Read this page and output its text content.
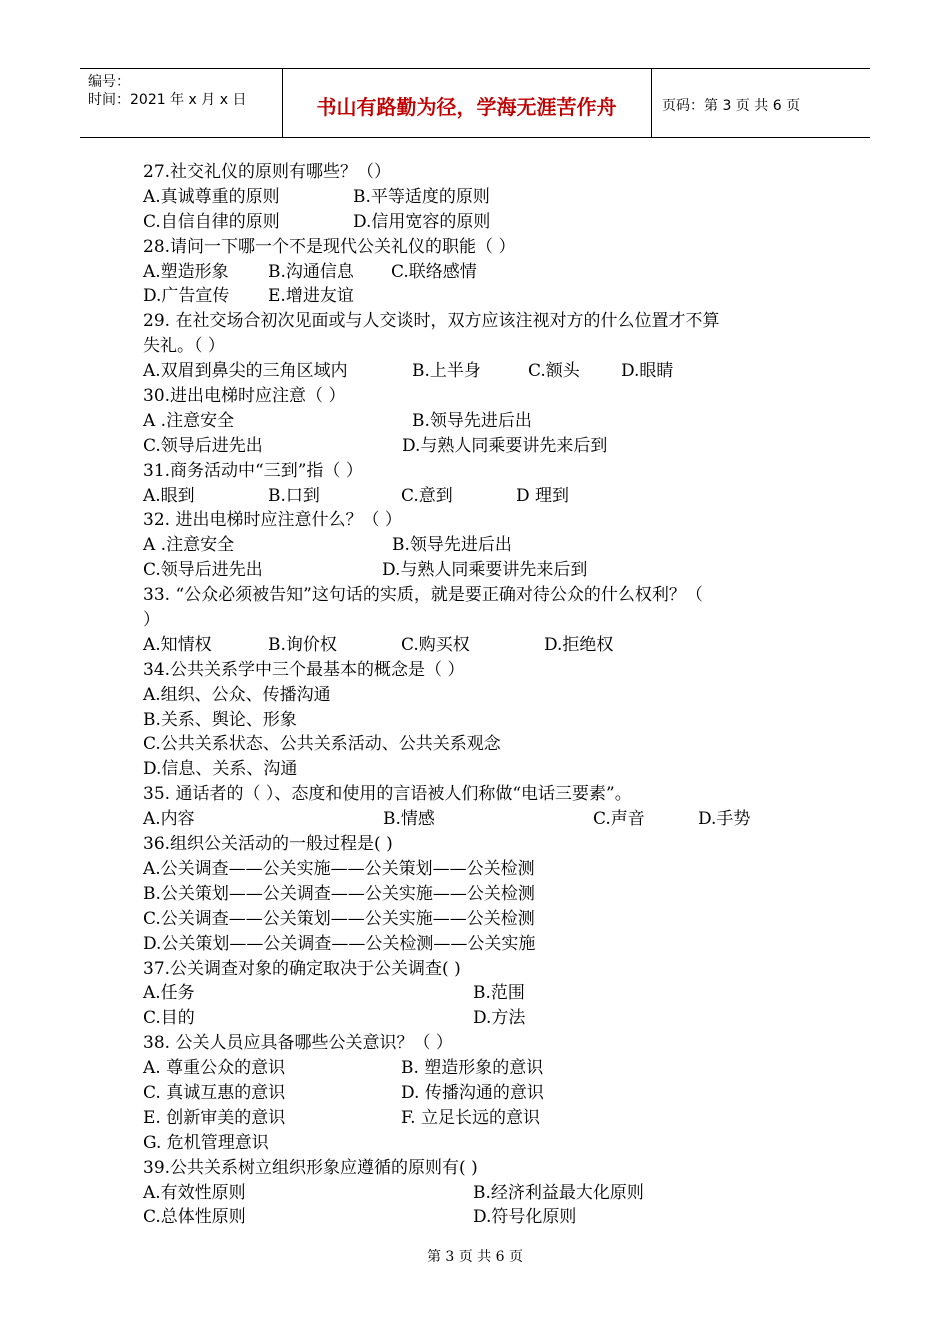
编号：
时间：2021 年 x 月 x 日	书山有路勤为径，学海无涯苦作舟	页码：第 3 页 共 6 页
27.社交礼仪的原则有哪些？（）
A.真诚尊重的原则	B.平等适度的原则
C.自信自律的原则	D.信用宽容的原则
28.请问一下哪一个不是现代公关礼仪的职能（ ）
A.塑造形象 B.沟通信息 C.联络感情
D.广告宣传 E.增进友谊
29. 在社交场合初次见面或与人交谈时，双方应该注视对方的什么位置才不算
失礼。（ ）
A.双眉到鼻尖的三角区域内	B.上半身	C.额头 D.眼睛
30.进出电梯时应注意（ ）
A .注意安全	B.领导先进后出
C.领导后进先出	D.与熟人同乘要讲先来后到
31.商务活动中“三到”指（ ）
A.眼到	B.口到	C.意到	D 理到
32. 进出电梯时应注意什么？（ ）
A .注意安全	B.领导先进后出
C.领导后进先出	D.与熟人同乘要讲先来后到
33. “公众必须被告知”这句话的实质，就是要正确对待公众的什么权利？（
）
A.知情权	B.询价权	C.购买权	D.拒绝权
34.公共关系学中三个最基本的概念是（ ）
A.组织、公众、传播沟通
B.关系、舆论、形象
C.公共关系状态、公共关系活动、公共关系观念
D.信息、关系、沟通
35. 通话者的（ ）、态度和使用的言语被人们称做“电话三要素”。
A.内容	B.情感	C.声音	D.手势
36.组织公关活动的一般过程是( )
A.公关调查——公关实施——公关策划——公关检测
B.公关策划——公关调查——公关实施——公关检测
C.公关调查——公关策划——公关实施——公关检测
D.公关策划——公关调查——公关检测——公关实施
37.公关调查对象的确定取决于公关调查( )
A.任务	B.范围
C.目的	D.方法
38. 公关人员应具备哪些公关意识？（ ）
A. 尊重公众的意识	B. 塑造形象的意识
C. 真诚互惠的意识	D. 传播沟通的意识
E. 创新审美的意识	F. 立足长远的意识
G. 危机管理意识
39.公共关系树立组织形象应遵循的原则有( )
A.有效性原则	B.经济利益最大化原则
C.总体性原则	D.符号化原则
第 3 页 共 6 页
